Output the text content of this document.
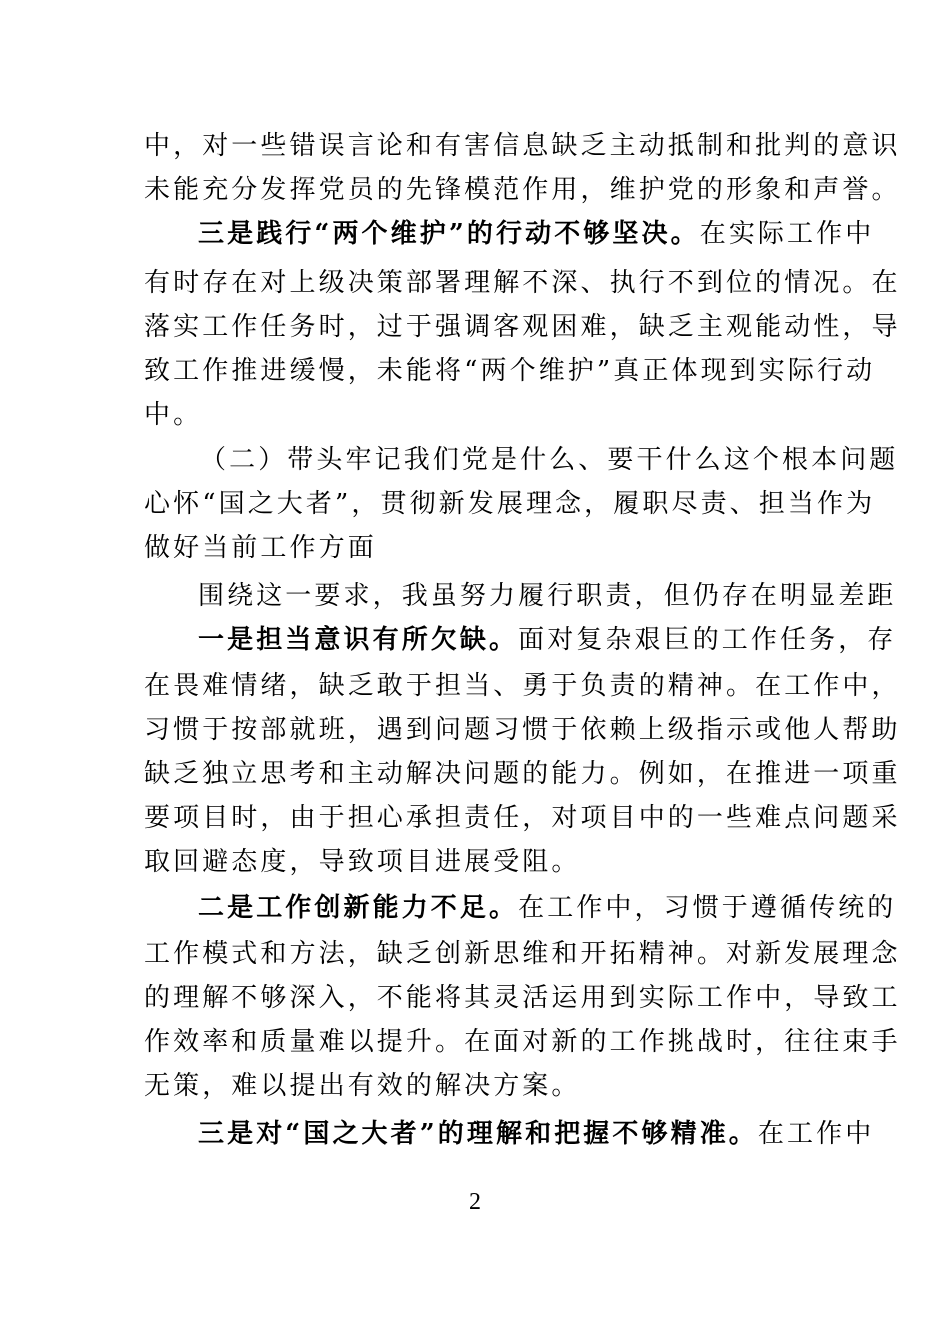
中，对一些错误言论和有害信息缺乏主动抵制和批判的意识
未能充分发挥党员的先锋模范作用，维护党的形象和声誉。
三是践行“两个维护”的行动不够坚决。在实际工作中
有时存在对上级决策部署理解不深、执行不到位的情况。在
落实工作任务时，过于强调客观困难，缺乏主观能动性，导
致工作推进缓慢，未能将“两个维护”真正体现到实际行动
中。
（二）带头牢记我们党是什么、要干什么这个根本问题
心怀“国之大者”，贯彻新发展理念，履职尽责、担当作为
做好当前工作方面
围绕这一要求，我虽努力履行职责，但仍存在明显差距
一是担当意识有所欠缺。面对复杂艰巨的工作任务，存
在畏难情绪，缺乏敢于担当、勇于负责的精神。在工作中，
习惯于按部就班，遇到问题习惯于依赖上级指示或他人帮助
缺乏独立思考和主动解决问题的能力。例如，在推进一项重
要项目时，由于担心承担责任，对项目中的一些难点问题采
取回避态度，导致项目进展受阻。
二是工作创新能力不足。在工作中，习惯于遵循传统的
工作模式和方法，缺乏创新思维和开拓精神。对新发展理念
的理解不够深入，不能将其灵活运用到实际工作中，导致工
作效率和质量难以提升。在面对新的工作挑战时，往往束手
无策，难以提出有效的解决方案。
三是对“国之大者”的理解和把握不够精准。在工作中
2
